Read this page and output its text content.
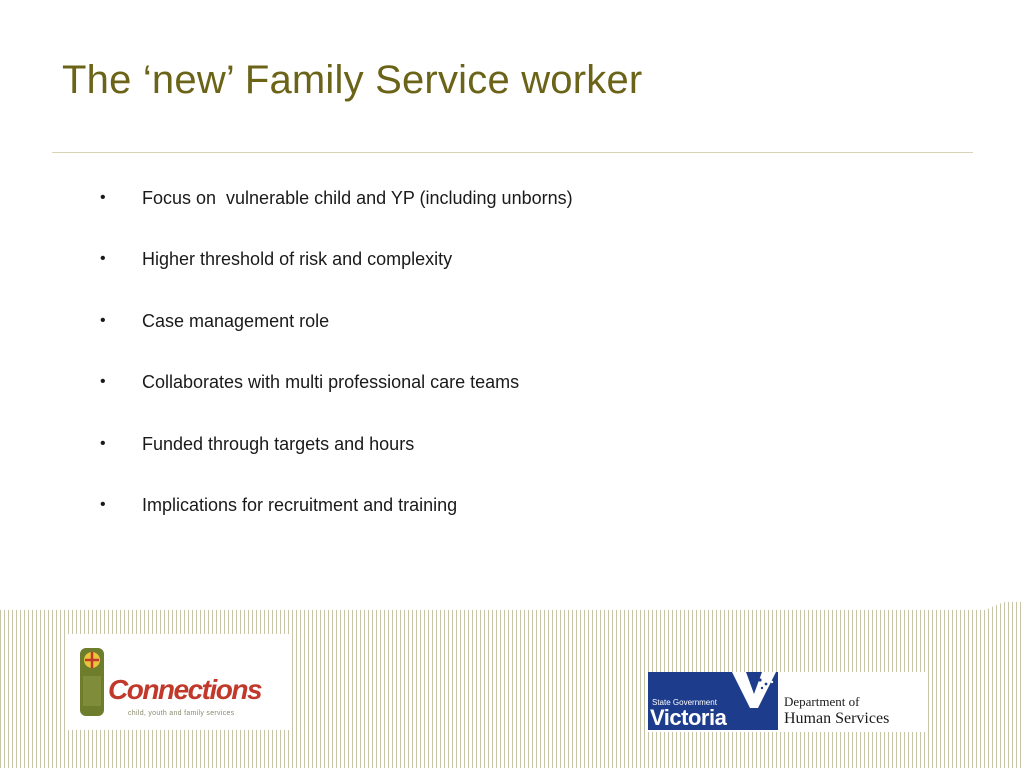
The ‘new’ Family Service worker

•

	Focus on  vulnerable child and YP (including unborns)

•

	Higher threshold of risk and complexity

•

	Case management role

•

	Collaborates with multi professional care teams

•

	Funded through targets and hours

•

	Implications for recruitment and training

Connections
child, youth and family services
State Government
Victoria
Department of
Human Services
